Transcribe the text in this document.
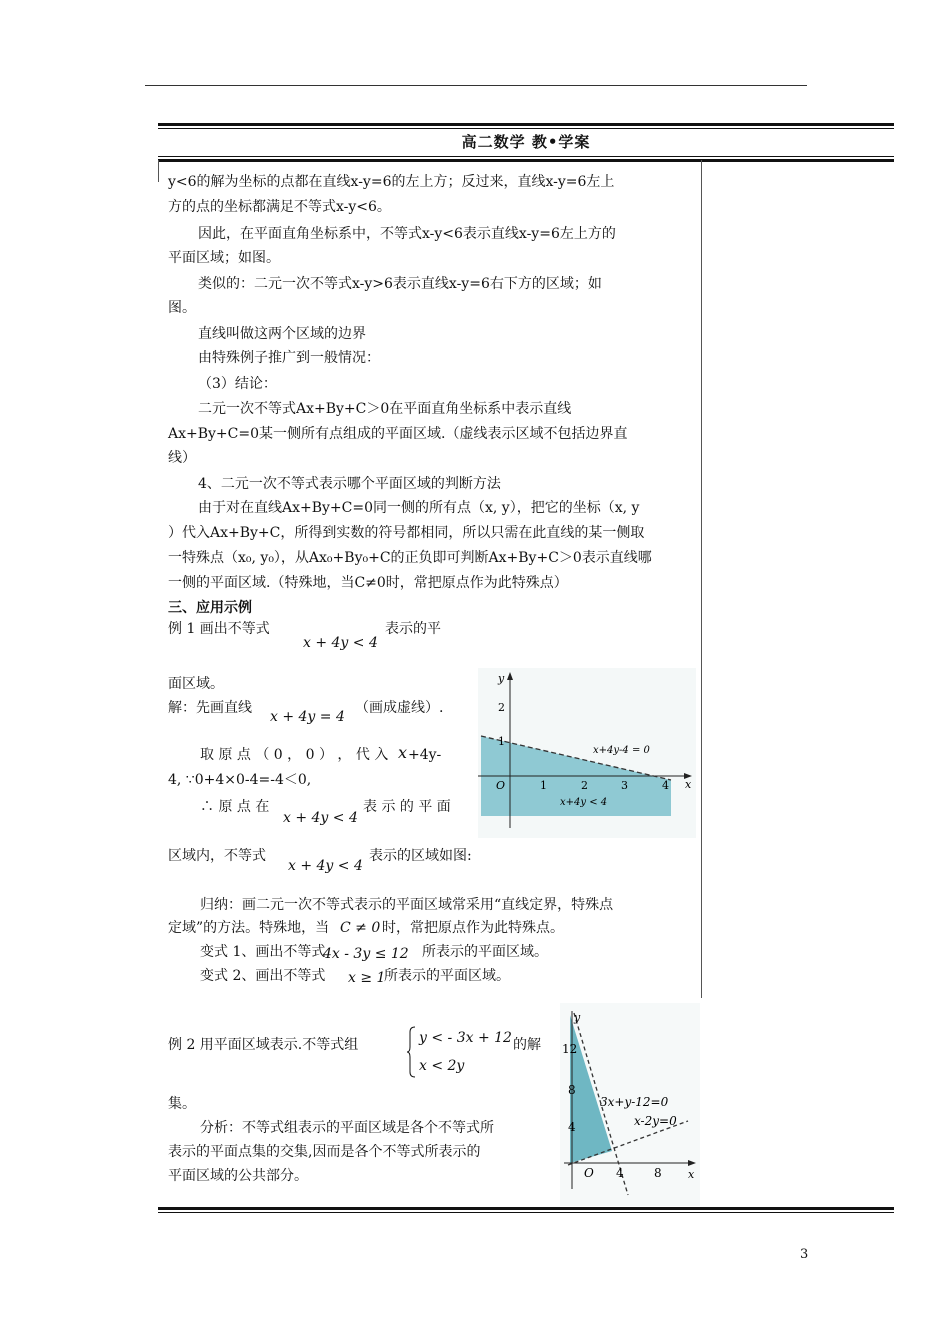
高二数学 教•学案
y<6的解为坐标的点都在直线x-y=6的左上方；反过来，直线x-y=6左上
方的点的坐标都满足不等式x-y<6。
因此，在平面直角坐标系中，不等式x-y<6表示直线x-y=6左上方的
平面区域；如图。
类似的：二元一次不等式x-y>6表示直线x-y=6右下方的区域；如
图。
直线叫做这两个区域的边界
由特殊例子推广到一般情况：
（3）结论：
二元一次不等式Ax+By+C＞0在平面直角坐标系中表示直线
Ax+By+C=0某一侧所有点组成的平面区域.（虚线表示区域不包括边界直
线）
4、二元一次不等式表示哪个平面区域的判断方法
由于对在直线Ax+By+C=0同一侧的所有点（x, y），把它的坐标（x, y
）代入Ax+By+C，所得到实数的符号都相同，所以只需在此直线的某一侧取
一特殊点（x₀, y₀），从Ax₀+By₀+C的正负即可判断Ax+By+C＞0表示直线哪
一侧的平面区域.（特殊地，当C≠0时，常把原点作为此特殊点）
三、应用示例
例 1 画出不等式
x + 4y < 4
表示的平
面区域。
解：先画直线
x + 4y = 4
（画成虚线）.
取 原 点 （ 0 ， 0 ） ， 代 入 x +4y-
4, ∵0+4×0-4=-4＜0,
∴ 原 点 在
x + 4y < 4
表 示 的 平 面
区域内，不等式
x + 4y < 4
表示的区域如图:
y
x
O
2
1
1	2	3	4
x+4y-4 = 0
x+4y < 4
归纳：画二元一次不等式表示的平面区域常采用“直线定界，特殊点
定域”的方法。特殊地，当 C ≠ 0 时，常把原点作为此特殊点。
变式 1、画出不等式
4x - 3y ≤ 12 所表示的平面区域。
变式 2、画出不等式 x ≥ 1
所表示的平面区域。
例 2 用平面区域表示.不等式组	y < - 3x + 12
x < 2y
的解
集。
分析：不等式组表示的平面区域是各个不等式所
表示的平面点集的交集,因而是各个不等式所表示的
平面区域的公共部分。
y
x
O
12
8
4
4	8
3x+y-12=0
x-2y=0
3
